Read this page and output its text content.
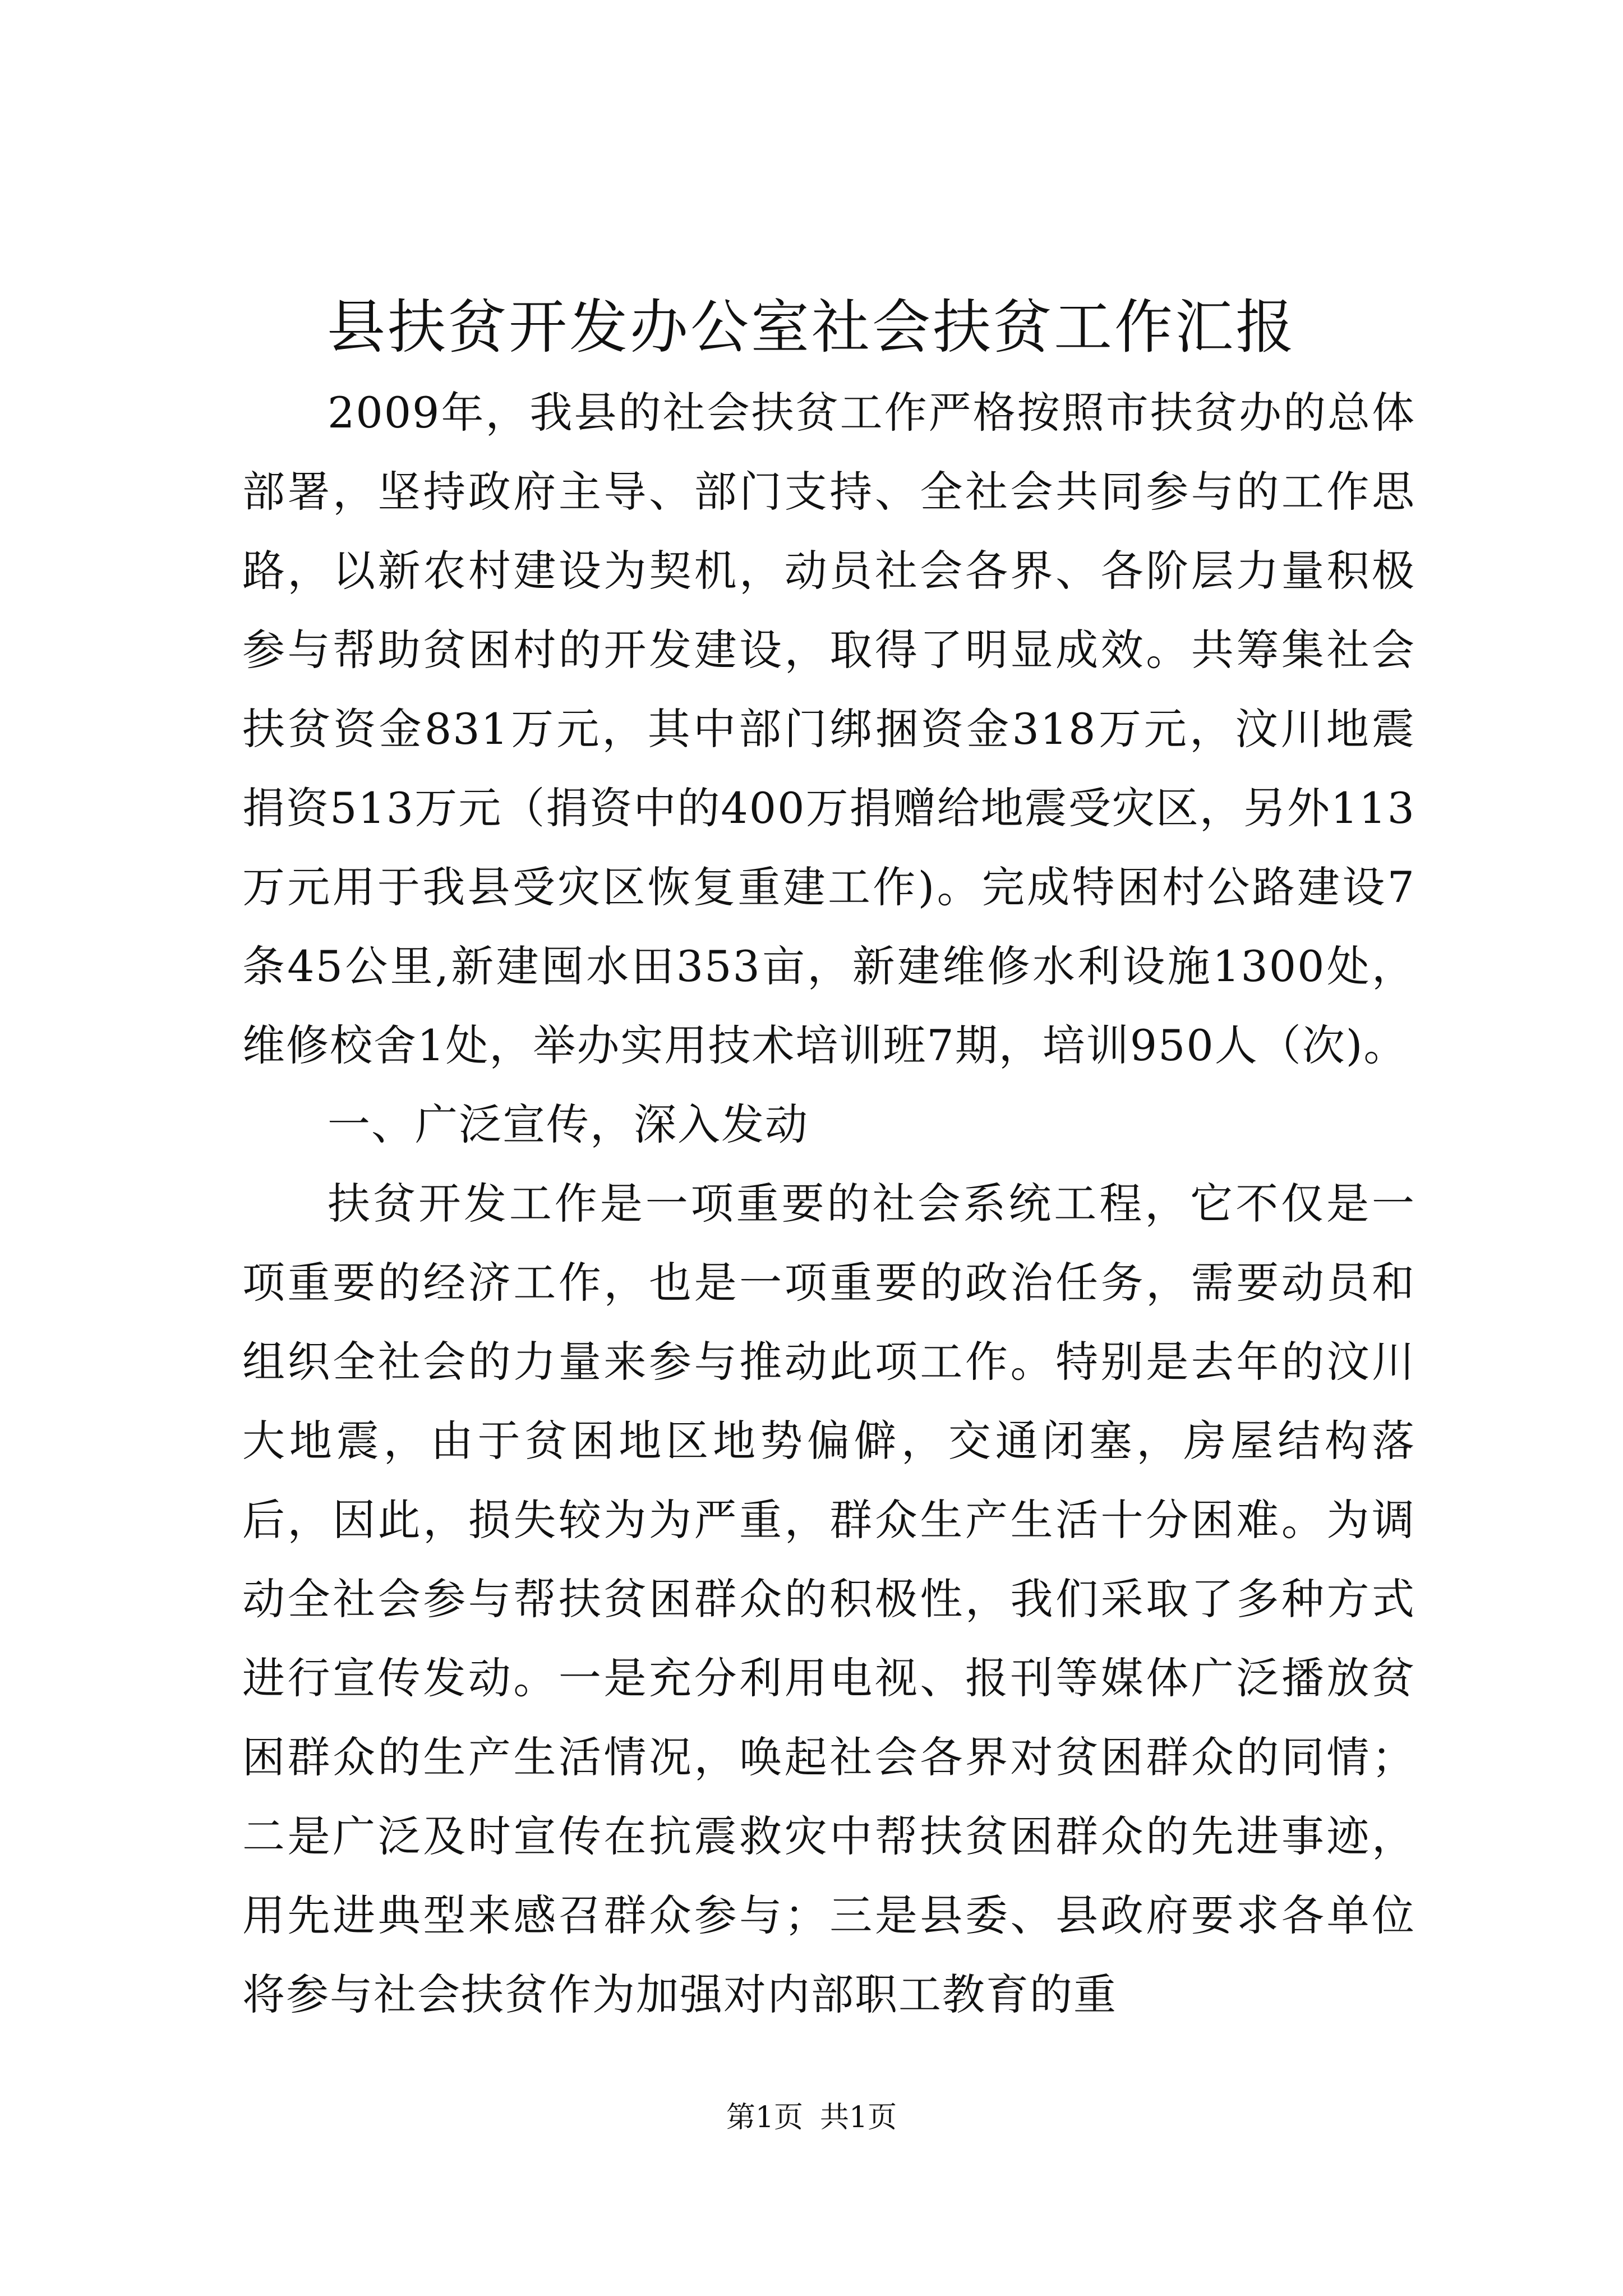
县扶贫开发办公室社会扶贫工作汇报

2009年，我县的社会扶贫工作严格按照市扶贫办的总体部署，坚持政府主导、部门支持、全社会共同参与的工作思路，以新农村建设为契机，动员社会各界、各阶层力量积极参与帮助贫困村的开发建设，取得了明显成效。共筹集社会扶贫资金831万元，其中部门绑捆资金318万元，汶川地震捐资513万元（捐资中的400万捐赠给地震受灾区，另外113万元用于我县受灾区恢复重建工作)。完成特困村公路建设7条45公里,新建囤水田353亩，新建维修水利设施1300处，维修校舍1处，举办实用技术培训班7期，培训950人（次)。

一、广泛宣传，深入发动

扶贫开发工作是一项重要的社会系统工程，它不仅是一项重要的经济工作，也是一项重要的政治任务，需要动员和组织全社会的力量来参与推动此项工作。特别是去年的汶川大地震，由于贫困地区地势偏僻，交通闭塞，房屋结构落后，因此，损失较为为严重，群众生产生活十分困难。为调动全社会参与帮扶贫困群众的积极性，我们采取了多种方式进行宣传发动。一是充分利用电视、报刊等媒体广泛播放贫困群众的生产生活情况，唤起社会各界对贫困群众的同情；二是广泛及时宣传在抗震救灾中帮扶贫困群众的先进事迹，用先进典型来感召群众参与；三是县委、县政府要求各单位将参与社会扶贫作为加强对内部职工教育的重

第1页 共1页
